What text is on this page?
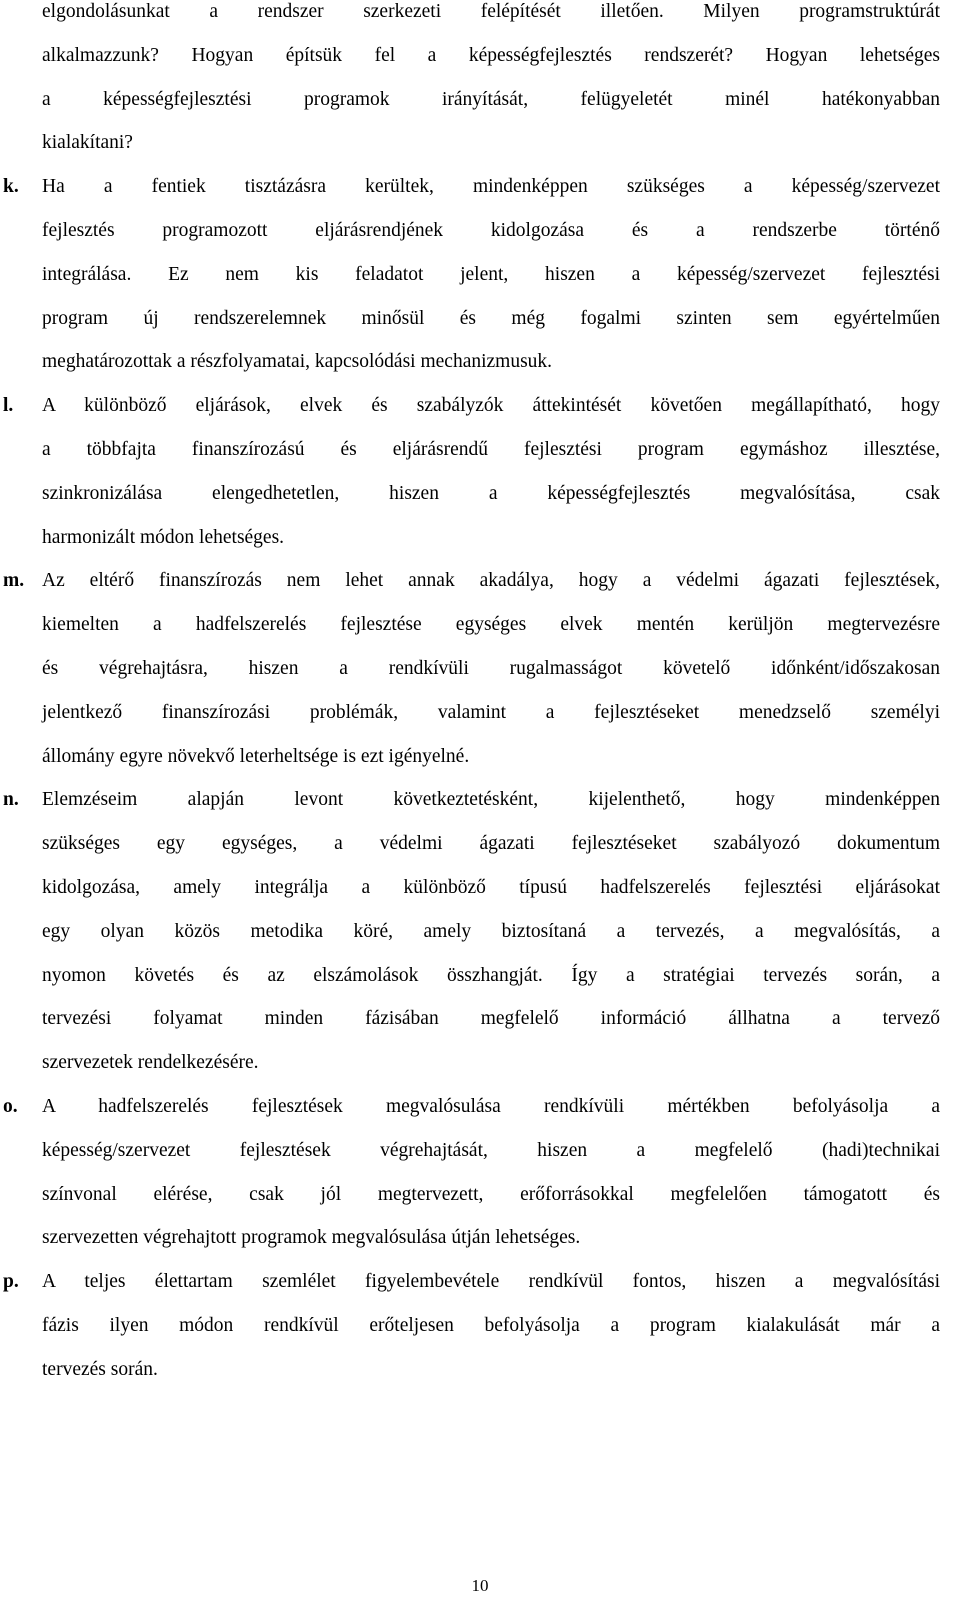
elgondolásunkat a rendszer szerkezeti felépítését illetően. Milyen programstruktúrát
alkalmazzunk? Hogyan építsük fel a képességfejlesztés rendszerét? Hogyan lehetséges
a képességfejlesztési programok irányítását, felügyeletét minél hatékonyabban
kialakítani?
k. Ha a fentiek tisztázásra kerültek, mindenképpen szükséges a képesség/szervezet
fejlesztés programozott eljárásrendjének kidolgozása és a rendszerbe történő
integrálása. Ez nem kis feladatot jelent, hiszen a képesség/szervezet fejlesztési
program új rendszerelemnek minősül és még fogalmi szinten sem egyértelműen
meghatározottak a részfolyamatai, kapcsolódási mechanizmusuk.
l. A különböző eljárások, elvek és szabályzók áttekintését követően megállapítható, hogy
a többfajta finanszírozású és eljárásrendű fejlesztési program egymáshoz illesztése,
szinkronizálása elengedhetetlen, hiszen a képességfejlesztés megvalósítása, csak
harmonizált módon lehetséges.
m. Az eltérő finanszírozás nem lehet annak akadálya, hogy a védelmi ágazati fejlesztések,
kiemelten a hadfelszerelés fejlesztése egységes elvek mentén kerüljön megtervezésre
és végrehajtásra, hiszen a rendkívüli rugalmasságot követelő időnként/időszakosan
jelentkező finanszírozási problémák, valamint a fejlesztéseket menedzselő személyi
állomány egyre növekvő leterheltsége is ezt igényelné.
n. Elemzéseim alapján levont következtetésként, kijelenthető, hogy mindenképpen
szükséges egy egységes, a védelmi ágazati fejlesztéseket szabályozó dokumentum
kidolgozása, amely integrálja a különböző típusú hadfelszerelés fejlesztési eljárásokat
egy olyan közös metodika köré, amely biztosítaná a tervezés, a megvalósítás, a
nyomon követés és az elszámolások összhangját. Így a stratégiai tervezés során, a
tervezési folyamat minden fázisában megfelelő információ állhatna a tervező
szervezetek rendelkezésére.
o. A hadfelszerelés fejlesztések megvalósulása rendkívüli mértékben befolyásolja a
képesség/szervezet fejlesztések végrehajtását, hiszen a megfelelő (hadi)technikai
színvonal elérése, csak jól megtervezett, erőforrásokkal megfelelően támogatott és
szervezetten végrehajtott programok megvalósulása útján lehetséges.
p. A teljes élettartam szemlélet figyelembevétele rendkívül fontos, hiszen a megvalósítási
fázis ilyen módon rendkívül erőteljesen befolyásolja a program kialakulását már a
tervezés során.
10
